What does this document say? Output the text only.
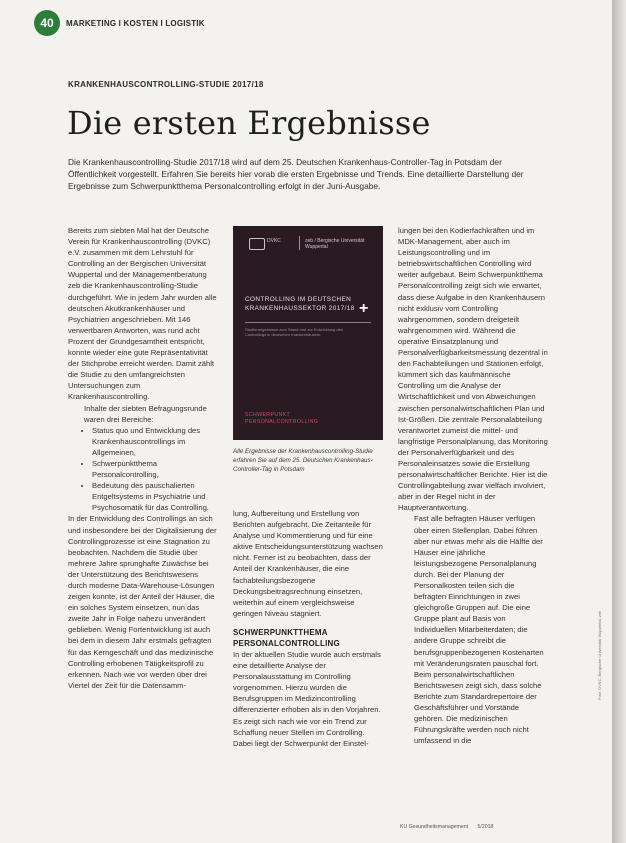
40	MARKETING I KOSTEN I LOGISTIK
KRANKENHAUSCONTROLLING-STUDIE 2017/18
Die ersten Ergebnisse
Die Krankenhauscontrolling-Studie 2017/18 wird auf dem 25. Deutschen Krankenhaus-Controller-Tag in Potsdam der Öffentlichkeit vorgestellt. Erfahren Sie bereits hier vorab die ersten Ergebnisse und Trends. Eine detaillierte Darstellung der Ergebnisse zum Schwerpunktthema Personalcontrolling erfolgt in der Juni-Ausgabe.

Bereits zum siebten Mal hat der Deutsche Verein für Krankenhauscontrolling (DVKC) e.V. zusammen mit dem Lehrstuhl für Controlling an der Bergischen Universität Wuppertal und der Managementberatung zeb die Krankenhauscontrolling-Studie durchgeführt. Wie in jedem Jahr wurden alle deutschen Akutkrankenhäuser und Psychiatrien angeschrieben. Mit 146 verwertbaren Antworten, was rund acht Prozent der Grundgesamtheit entspricht, konnte wieder eine gute Repräsentativität der Stichprobe erreicht werden. Damit zählt die Studie zu den umfangreichsten Untersuchungen zum Krankenhauscontrolling.

Inhalte der siebten Befragungsrunde waren drei Bereiche:

• Status quo und Entwicklung des Krankenhauscontrollings im Allgemeinen,
• Schwerpunktthema Personalcontrolling,
• Bedeutung des pauschalierten Entgeltsystems in Psychiatrie und Psychosomatik für das Controlling.

In der Entwicklung des Controllings an sich und insbesondere bei der Digitalisierung der Controllingprozesse ist eine Stagnation zu beobachten. Nachdem die Studie über mehrere Jahre sprunghafte Zuwächse bei der Unterstützung des Berichtswesens durch moderne Data-Warehouse-Lösungen zeigen konnte, ist der Anteil der Häuser, die ein solches System einsetzen, nun das zweite Jahr in Folge nahezu unverändert geblieben. Wenig Fortentwicklung ist auch bei dem in diesem Jahr erstmals gefragten für das Kerngeschäft und das medizinische Controlling erhobenen Tätigkeitsprofil zu erkennen. Nach wie vor werden über drei Viertel der Zeit für die Datensamm-

DVKC	zeb / Bergische Universität Wuppertal
CONTROLLING IM DEUTSCHEN KRANKENHAUSSEKTOR 2017/18 +
Studienergebnisse zum Stand und zur Entwicklung des Controllings in deutschen Krankenhäusern
SCHWERPUNKT PERSONALCONTROLLING
Alle Ergebnisse der Krankenhauscontrolling-Studie erfahren Sie auf dem 25. Deutschen Krankenhaus-Controller-Tag in Potsdam

lung, Aufbereitung und Erstellung von Berichten aufgebracht. Die Zeitanteile für Analyse und Kommentierung und für eine aktive Entscheidungsunterstützung wachsen nicht. Ferner ist zu beobachten, dass der Anteil der Krankenhäuser, die eine fachabteilungsbezogene Deckungsbeitragsrechnung einsetzen, weiterhin auf einem vergleichsweise geringen Niveau stagniert.

SCHWERPUNKTTHEMA PERSONALCONTROLLING

In der aktuellen Studie wurde auch erstmals eine detaillierte Analyse der Personalausstattung im Controlling vorgenommen. Hierzu wurden die Berufsgruppen im Medizincontrolling differenzierter erhoben als in den Vorjahren. Es zeigt sich nach wie vor ein Trend zur Schaffung neuer Stellen im Controlling. Dabei liegt der Schwerpunkt der Einstel-

lungen bei den Kodierfachkräften und im MDK-Management, aber auch im Leistungscontrolling und im betriebswirtschaftlichen Controlling wird weiter aufgebaut. Beim Schwerpunktthema Personalcontrolling zeigt sich wie erwartet, dass diese Aufgabe in den Krankenhäusern nicht exklusiv vom Controlling wahrgenommen, sondern dreigeteilt wahrgenommen wird. Während die operative Einsatzplanung und Personalverfügbarkeitsmessung dezentral in den Fachabteilungen und Stationen erfolgt, kümmert sich das kaufmännische Controlling um die Analyse der Wirtschaftlichkeit und von Abweichungen zwischen personalwirtschaftlichen Plan und Ist-Größen. Die zentrale Personalabteilung verantwortet zumeist die mittel- und langfristige Personalplanung, das Monitoring der Personalverfügbarkeit und des Personaleinsatzes sowie die Erstellung personalwirtschaftlicher Berichte. Hier ist die Controllingabteilung zwar vielfach involviert, aber in der Regel nicht in der Hauptverantwortung.

Fast alle befragten Häuser verfügen über einen Stellenplan. Dabei führen aber nur etwas mehr als die Hälfte der Häuser eine jährliche leistungsbezogene Personalplanung durch. Bei der Planung der Personalkosten teilen sich die befragten Einrichtungen in zwei gleichgroße Gruppen auf. Die eine Gruppe plant auf Basis von Individuellen Mitarbeiterdaten; die andere Gruppe schreibt die berufsgruppenbezogenen Kostenarten mit Veränderungsraten pauschal fort.

Beim personalwirtschaftlichen Berichtswesen zeigt sich, dass solche Berichte zum Standardrepertoire der Geschäftsführer und Vorstände gehören. Die medizinischen Führungskräfte werden noch nicht umfassend in die

Foto: DVKC, Bergische Universität Wuppertal, zeb
KU Gesundheitsmanagement 5/2018
